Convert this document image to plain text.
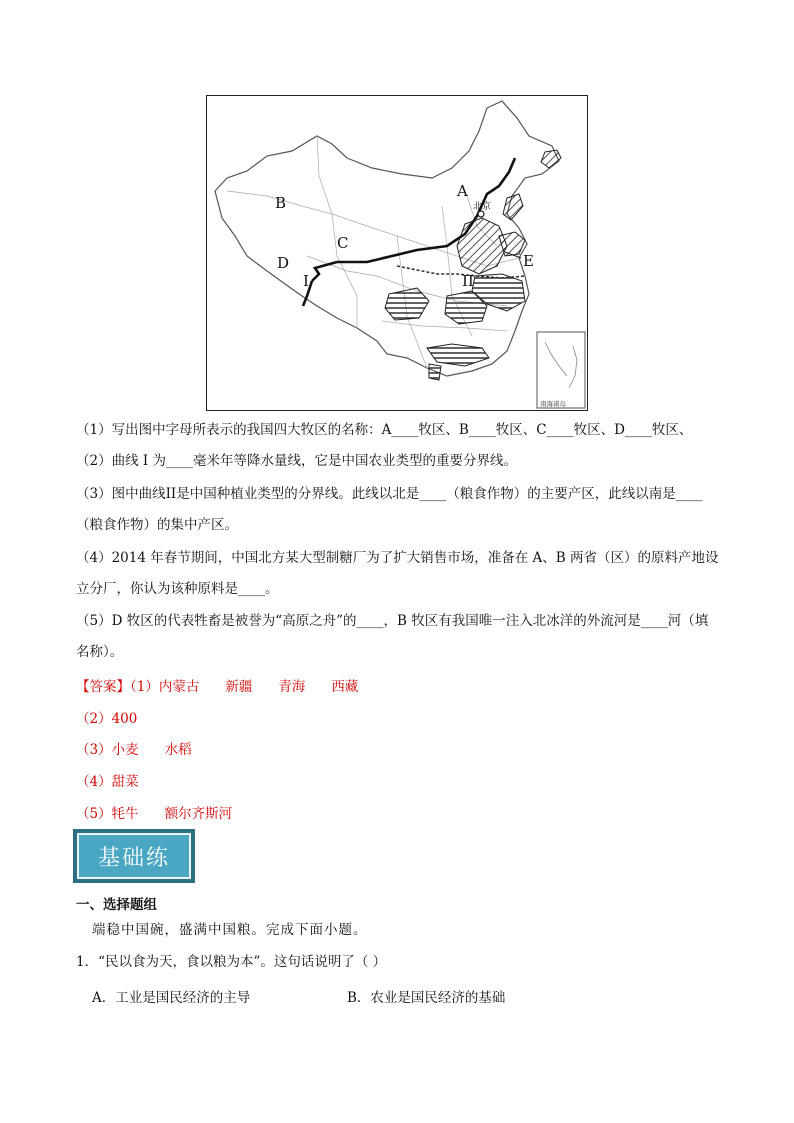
北京
A
B
C
D	E
I	II
南海诸岛
（1）写出图中字母所表示的我国四大牧区的名称：A____牧区、B____牧区、C____牧区、D____牧区、
（2）曲线 I 为____毫米年等降水量线，它是中国农业类型的重要分界线。
（3）图中曲线II是中国种植业类型的分界线。此线以北是____（粮食作物）的主要产区，此线以南是____
（粮食作物）的集中产区。
（4）2014 年春节期间，中国北方某大型制糖厂为了扩大销售市场，准备在 A、B 两省（区）的原料产地设
立分厂，你认为该种原料是____。
（5）D 牧区的代表牲畜是被誉为“高原之舟”的____，B 牧区有我国唯一注入北冰洋的外流河是____河（填
名称）。
【答案】（1）内蒙古 新疆 青海 西藏
（2）400
（3）小麦 水稻
（4）甜菜
（5）牦牛 额尔齐斯河
基础练
一、选择题组
端稳中国碗，盛满中国粮。完成下面小题。
1．“民以食为天，食以粮为本”。这句话说明了（ ）
A．工业是国民经济的主导	B．农业是国民经济的基础
